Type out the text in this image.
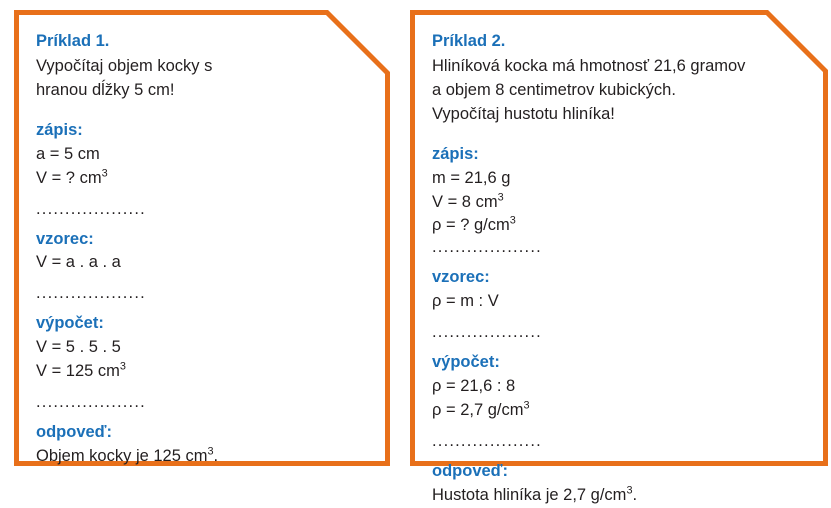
Príklad 1.

Vypočítaj objem kocky s

hranou dĺžky 5 cm!

zápis:

a = 5 cm

V = ? $cm^3$

...................

vzorec:

V = a . a . a

...................

výpočet:

V = 5 . 5 . 5

V = 125 $cm^3$

...................

odpoveď:

Objem kocky je 125 $cm^3$.

Príklad 2.

Hliníková kocka má hmotnosť 21,6 gramov

a objem 8 centimetrov kubických.

Vypočítaj hustotu hliníka!

zápis:

m = 21,6 g

V = 8 $cm^3$

ρ = ? $g/cm^3$

...................

vzorec:

ρ = m : V

...................

výpočet:

ρ = 21,6 : 8

ρ = 2,7 $g/cm^3$

...................

odpoveď:

Hustota hliníka je 2,7 $g/cm^3$.
